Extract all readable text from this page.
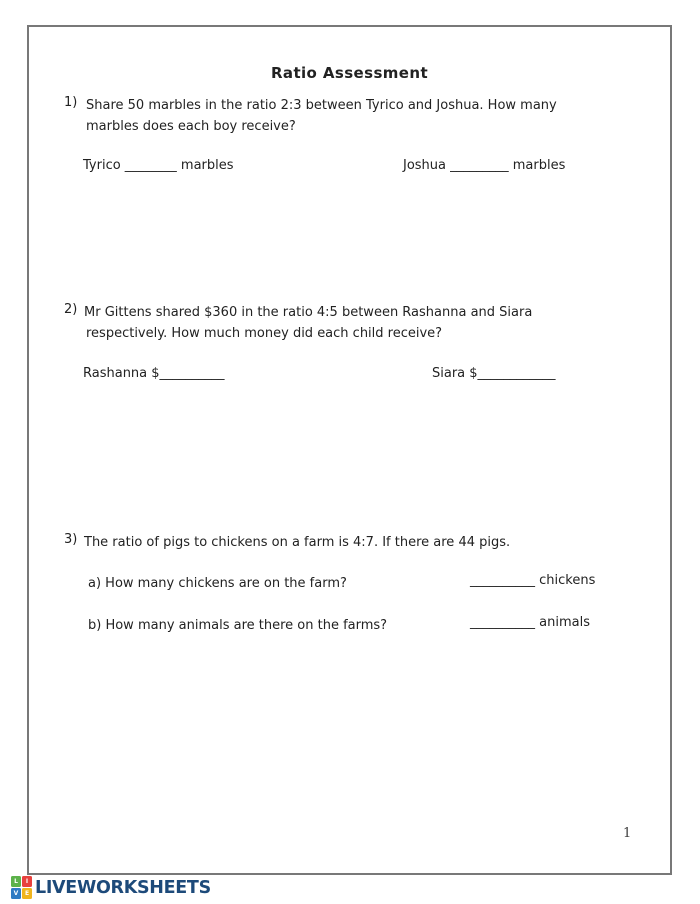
Ratio Assessment
1) Share 50 marbles in the ratio 2:3 between Tyrico and Joshua. How many
marbles does each boy receive?
Tyrico ________ marbles	Joshua _________ marbles
2) Mr Gittens shared $360 in the ratio 4:5 between Rashanna and Siara
respectively. How much money did each child receive?
Rashanna $__________	Siara $____________
3) The ratio of pigs to chickens on a farm is 4:7. If there are 44 pigs.
a) How many chickens are on the farm?	__________ chickens
b) How many animals are there on the farms?	__________ animals
1
L	I
V	E LIVEWORKSHEETS
